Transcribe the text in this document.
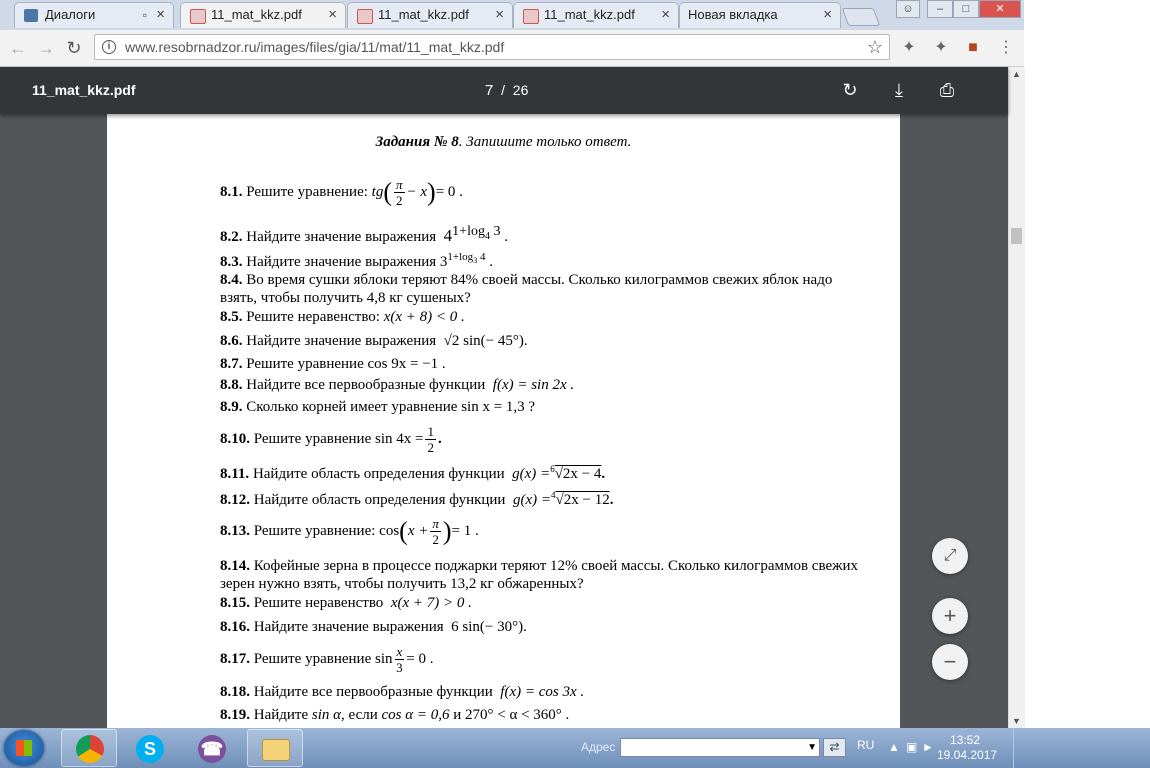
Диалоги	▫ ×	11_mat_kkz.pdf ×	11_mat_kkz.pdf ×	11_mat_kkz.pdf ×	Новая вкладка	×	☺	–	□	✕
← → ↻	i	www.resobrnadzor.ru/images/files/gia/11/mat/11_mat_kkz.pdf	☆ ✦ ✦	■	⋮
11_mat_kkz.pdf	7 / 26	↻	⤓	⎙
Задания № 8. Запишите только ответ.
8.1. Решите уравнение: $tg( \frac{\pi}{2} - x)= 0$ .
8.2. Найдите значение выражения $41+\log_4$ 3 .
8.3. Найдите значение выражения $3^{1+log_3 4}$ .
8.4. Во время сушки яблоки теряют 84% своей массы. Сколько килограммов свежих яблок надо взять, чтобы получить 4,8 кг сушеных?
8.5. Решите неравенство: x(x + 8) < 0 .
8.6. Найдите значение выражения √2 sin(− 45°).
8.7. Решите уравнение cos 9x = −1 .
8.8. Найдите все первообразные функции f(x) = sin 2x .
8.9. Сколько корней имеет уравнение sin x = 1,3 ?
8.10. Решите уравнение $\sin 4x = \frac{1}{2}$ .
8.11. Найдите область определения функции g(x) =$^6$√2x − 4.
8.12. Найдите область определения функции g(x) =$^4$√2x − 12.
8.13. Решите уравнение: $\cos(x + \frac{\pi}{2}$ )= 1 .
8.14. Кофейные зерна в процессе поджарки теряют 12% своей массы. Сколько килограммов свежих зерен нужно взять, чтобы получить 13,2 кг обжаренных?
8.15. Решите неравенство x(x + 7) > 0 .
8.16. Найдите значение выражения 6 sin(− 30°).
8.17. Решите уравнение $\sin \frac{x}{3} = 0$ .
8.18. Найдите все первообразные функции f(x) = cos 3x .
8.19. Найдите sin α, если cos α = 0,6 и 270° < α < 360° .
⤢
+
−
▲
▼
S	☎	Адрес	▼	⇄	RU ▲ ▣ ►	13:52
19.04.2017
